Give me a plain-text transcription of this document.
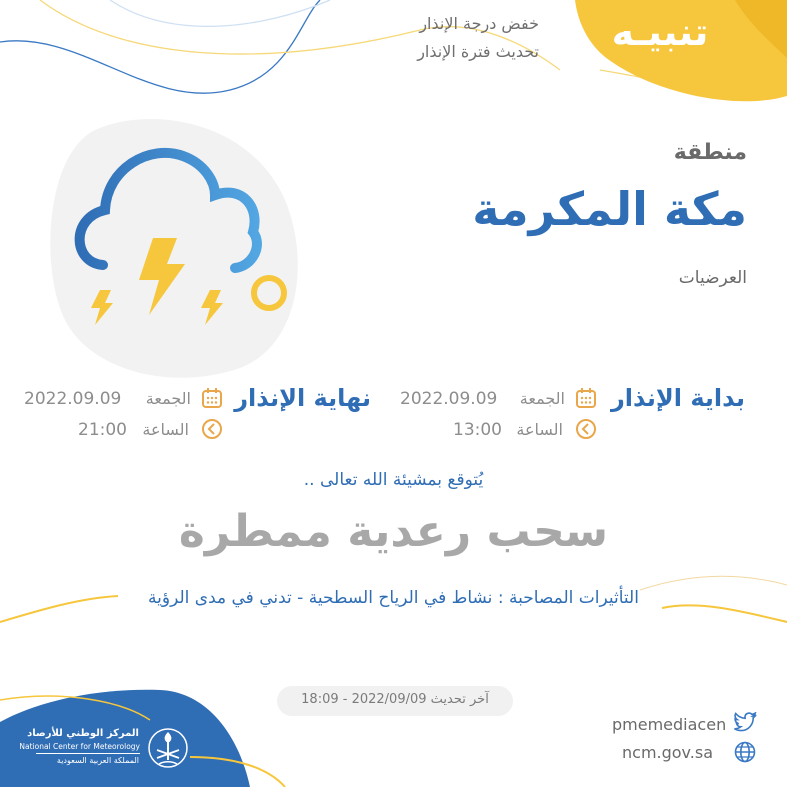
تنبيـه
خفض درجة الإنذار
تحديث فترة الإنذار
منطقة
مكة المكرمة
العرضيات
بداية الإنذار
الجمعة
2022.09.09
الساعة
13:00
نهاية الإنذار
الجمعة
2022.09.09
الساعة
21:00
يُتوقع بمشيئة الله تعالى ..
سحب رعدية ممطرة
التأثيرات المصاحبة : نشاط في الرياح السطحية - تدني في مدى الرؤية
آخر تحديث 2022/09/09 - 18:09
pmemediacen
ncm.gov.sa
المركز الوطني للأرصاد
National Center for Meteorology
المملكة العربية السعودية
